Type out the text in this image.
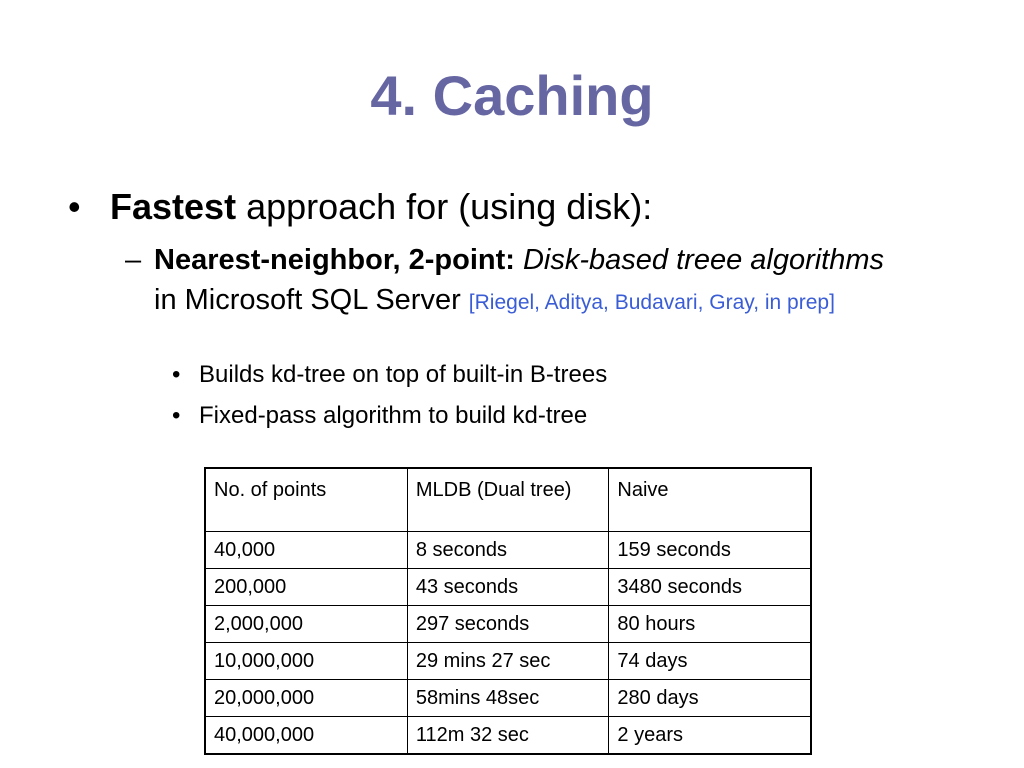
4. Caching
• Fastest approach for (using disk):
– Nearest-neighbor, 2-point: Disk-based treee algorithms in Microsoft SQL Server [Riegel, Aditya, Budavari, Gray, in prep]
• Builds kd-tree on top of built-in B-trees
• Fixed-pass algorithm to build kd-tree
No. of points	MLDB (Dual tree)	Naive
40,000	8 seconds	159 seconds
200,000	43 seconds	3480 seconds
2,000,000	297 seconds	80 hours
10,000,000	29 mins 27 sec	74 days
20,000,000	58mins 48sec	280 days
40,000,000	112m 32 sec	2 years
